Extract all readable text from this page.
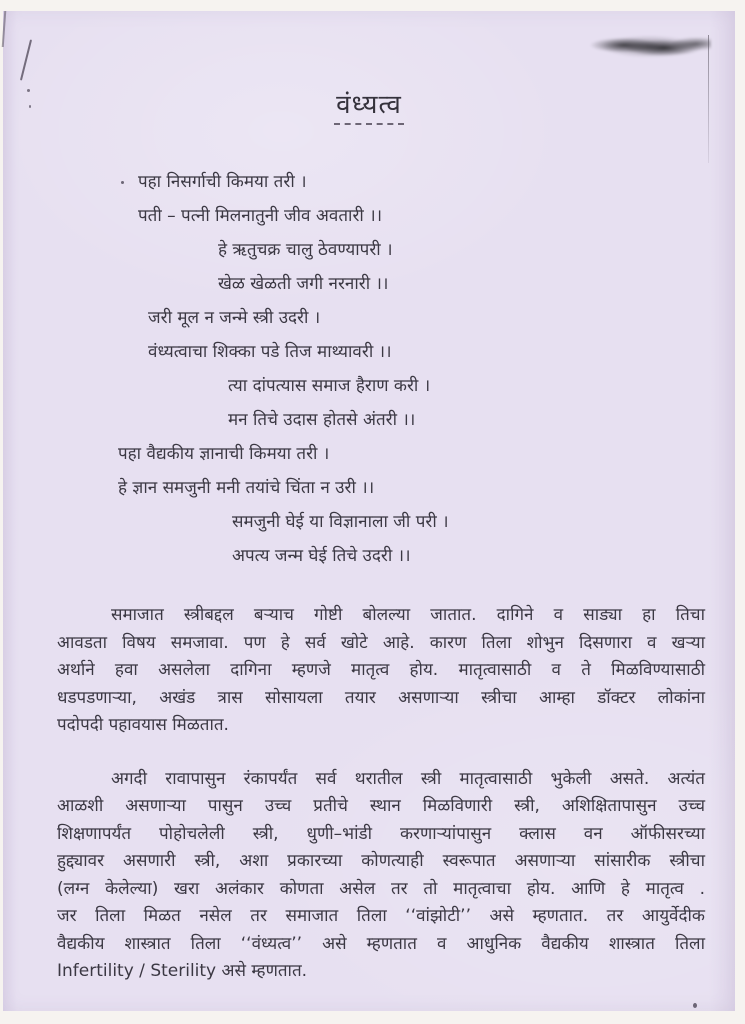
वंध्यत्व
पहा निसर्गाची किमया तरी ।
पती – पत्नी मिलनातुनी जीव अवतारी ।।
हे ऋतुचक्र चालु ठेवण्यापरी ।
खेळ खेळती जगी नरनारी ।।
जरी मूल न जन्मे स्त्री उदरी ।
वंध्यत्वाचा शिक्का पडे तिज माथ्यावरी ।।
त्या दांपत्यास समाज हैराण करी ।
मन तिचे उदास होतसे अंतरी ।।
पहा वैद्यकीय ज्ञानाची किमया तरी ।
हे ज्ञान समजुनी मनी तयांचे चिंता न उरी ।।
समजुनी घेई या विज्ञानाला जी परी ।
अपत्य जन्म घेई तिचे उदरी ।।
समाजात स्त्रीबद्दल बऱ्याच गोष्टी बोलल्या जातात. दागिने व साड्या हा तिचा
आवडता विषय समजावा. पण हे सर्व खोटे आहे. कारण तिला शोभुन दिसणारा व खऱ्या
अर्थाने हवा असलेला दागिना म्हणजे मातृत्व होय. मातृत्वासाठी व ते मिळविण्यासाठी
धडपडणाऱ्या, अखंड त्रास सोसायला तयार असणाऱ्या स्त्रीचा आम्हा डॉक्टर लोकांना
पदोपदी पहावयास मिळतात.
अगदी रावापासुन रंकापर्यंत सर्व थरातील स्त्री मातृत्वासाठी भुकेली असते. अत्यंत
आळशी असणाऱ्या पासुन उच्च प्रतीचे स्थान मिळविणारी स्त्री, अशिक्षितापासुन उच्च
शिक्षणापर्यंत पोहोचलेली स्त्री, धुणी–भांडी करणाऱ्यांपासुन क्लास वन ऑफीसरच्या
हुद्द्यावर असणारी स्त्री, अशा प्रकारच्या कोणत्याही स्वरूपात असणाऱ्या सांसारीक स्त्रीचा
(लग्न केलेल्या) खरा अलंकार कोणता असेल तर तो मातृत्वाचा होय. आणि हे मातृत्व .
जर तिला मिळत नसेल तर समाजात तिला ‘‘वांझोटी’’ असे म्हणतात. तर आयुर्वेदीक
वैद्यकीय शास्त्रात तिला ‘‘वंध्यत्व’’ असे म्हणतात व आधुनिक वैद्यकीय शास्त्रात तिला
Infertility / Sterility असे म्हणतात.
